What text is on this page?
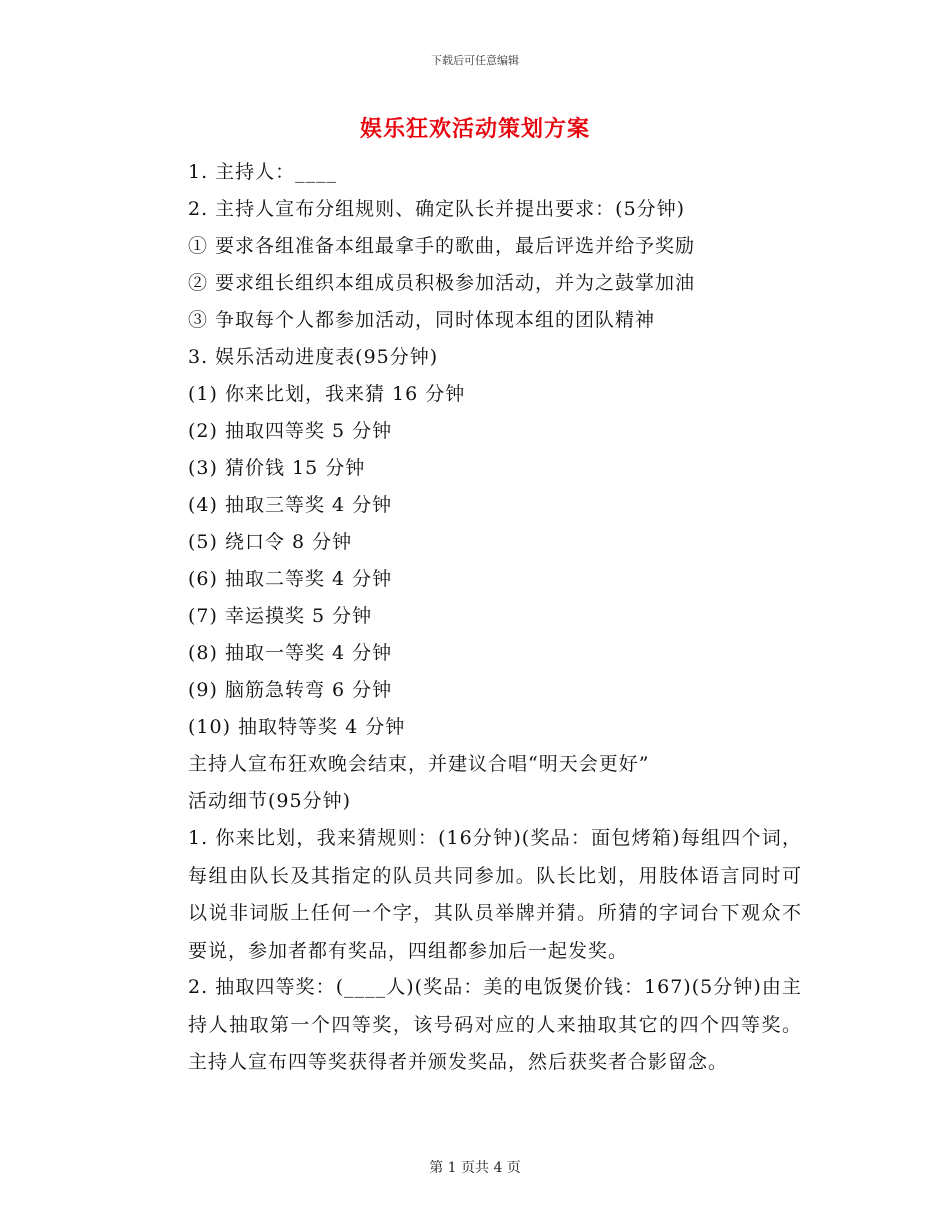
下载后可任意编辑
娱乐狂欢活动策划方案
1. 主持人：____
2. 主持人宣布分组规则、确定队长并提出要求：(5分钟)
① 要求各组准备本组最拿手的歌曲，最后评选并给予奖励
② 要求组长组织本组成员积极参加活动，并为之鼓掌加油
③ 争取每个人都参加活动，同时体现本组的团队精神
3. 娱乐活动进度表(95分钟)
(1) 你来比划，我来猜 16 分钟
(2) 抽取四等奖 5 分钟
(3) 猜价钱 15 分钟
(4) 抽取三等奖 4 分钟
(5) 绕口令 8 分钟
(6) 抽取二等奖 4 分钟
(7) 幸运摸奖 5 分钟
(8) 抽取一等奖 4 分钟
(9) 脑筋急转弯 6 分钟
(10) 抽取特等奖 4 分钟
主持人宣布狂欢晚会结束，并建议合唱“明天会更好”
活动细节(95分钟)
1. 你来比划，我来猜规则：(16分钟)(奖品：面包烤箱)每组四个词，每组由队长及其指定的队员共同参加。队长比划，用肢体语言同时可以说非词版上任何一个字，其队员举牌并猜。所猜的字词台下观众不要说，参加者都有奖品，四组都参加后一起发奖。
2. 抽取四等奖：(____人)(奖品：美的电饭煲价钱：167)(5分钟)由主持人抽取第一个四等奖，该号码对应的人来抽取其它的四个四等奖。主持人宣布四等奖获得者并颁发奖品，然后获奖者合影留念。
第 1 页共 4 页
